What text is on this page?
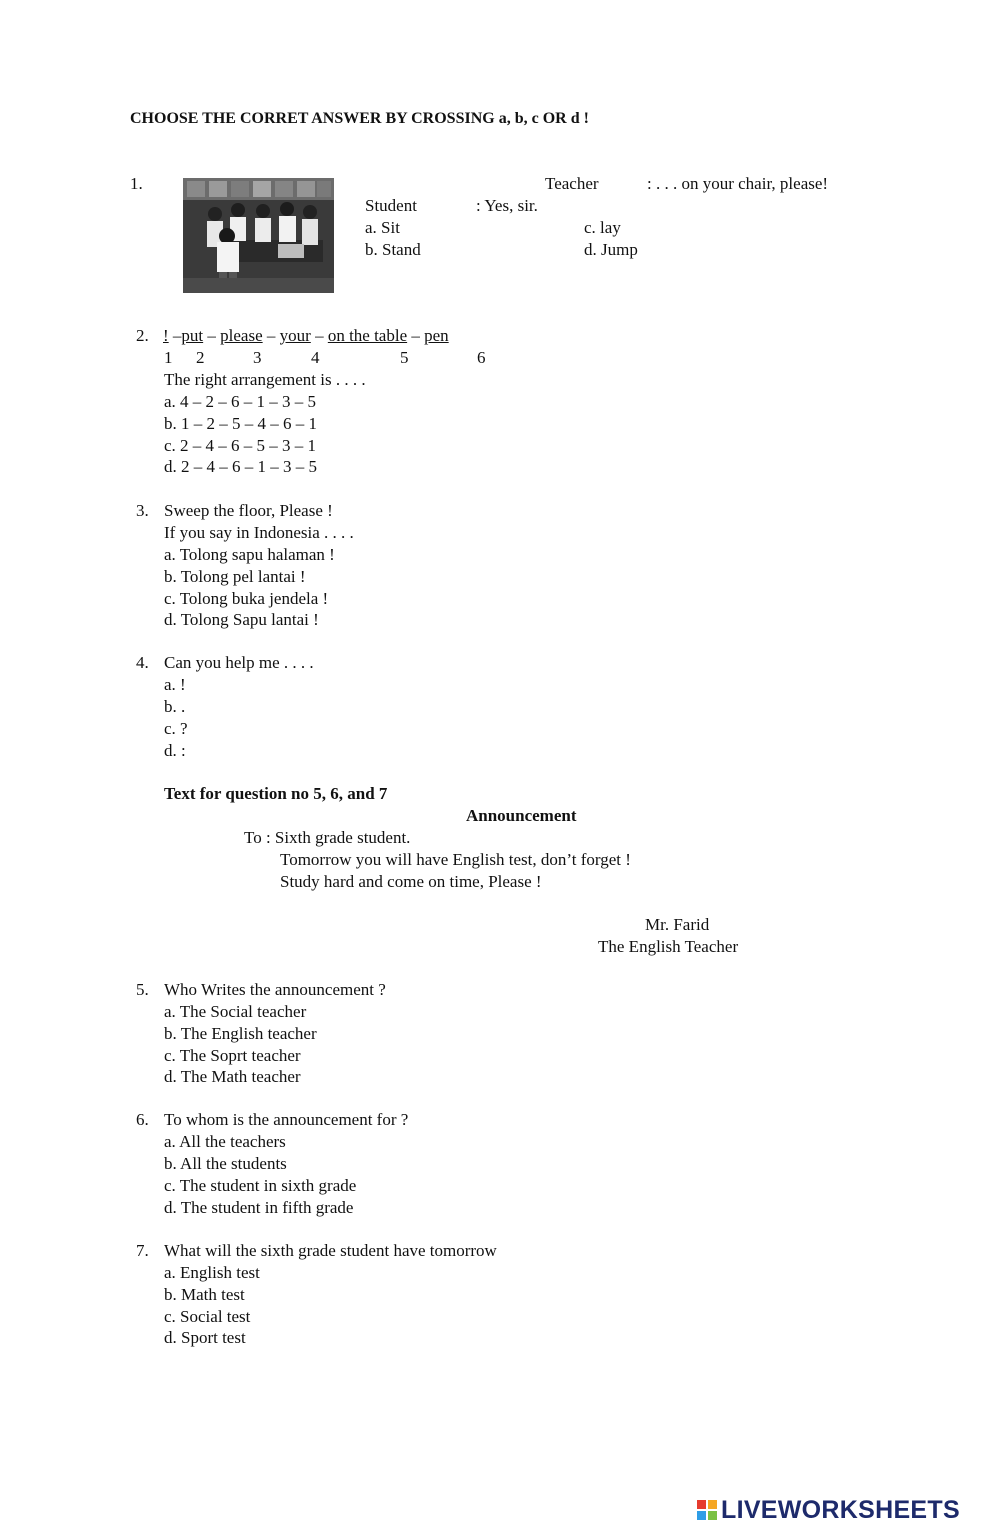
CHOOSE THE CORRET ANSWER BY CROSSING a, b, c OR d !
1.	Teacher	: . . . on your chair, please!
Student	: Yes, sir.
a. Sit	c. lay
b. Stand	d. Jump
2. ! –put – please – your – on the table – pen
1 2	3	4	5	6
The right arrangement is . . . .
a. 4 – 2 – 6 – 1 – 3 – 5
b. 1 – 2 – 5 – 4 – 6 – 1
c. 2 – 4 – 6 – 5 – 3 – 1
d. 2 – 4 – 6 – 1 – 3 – 5
3. Sweep the floor, Please !
If you say in Indonesia . . . .
a. Tolong sapu halaman !
b. Tolong pel lantai !
c. Tolong buka jendela !
d. Tolong Sapu lantai !
4. Can you help me . . . .
a. !
b. .
c. ?
d. :
Text for question no 5, 6, and 7
Announcement
To : Sixth grade student.
Tomorrow you will have English test, don’t forget !
Study hard and come on time, Please !
Mr. Farid
The English Teacher
5. Who Writes the announcement ?
a. The Social teacher
b. The English teacher
c. The Soprt teacher
d. The Math teacher
6. To whom is the announcement for ?
a. All the teachers
b. All the students
c. The student in sixth grade
d. The student in fifth grade
7. What will the sixth grade student have tomorrow
a. English test
b. Math test
c. Social test
d. Sport test
LIVEWORKSHEETS
